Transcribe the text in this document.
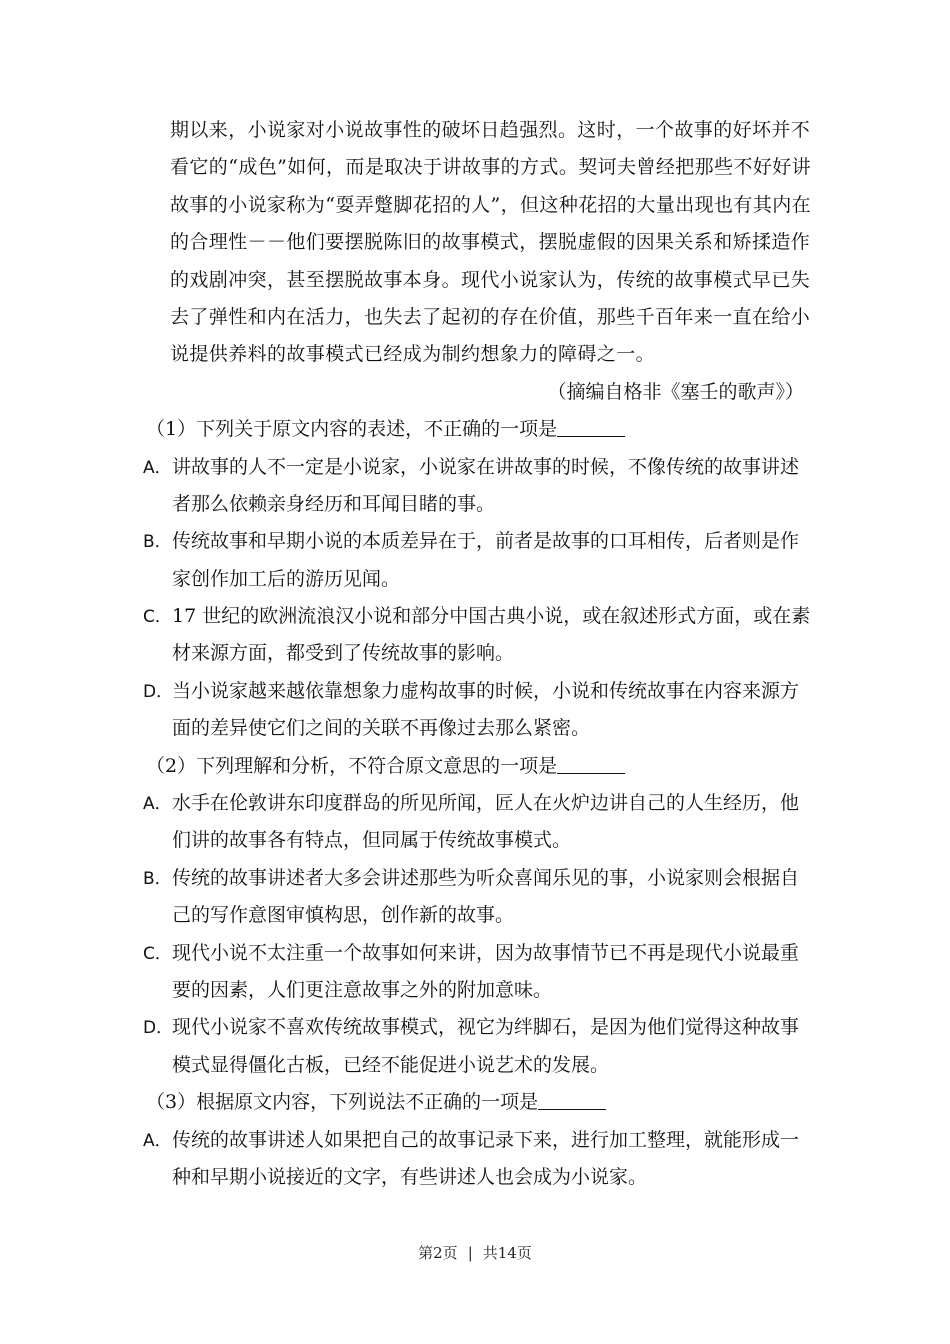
期以来，小说家对小说故事性的破坏日趋强烈。这时，一个故事的好坏并不
看它的“成色”如何，而是取决于讲故事的方式。契诃夫曾经把那些不好好讲
故事的小说家称为“耍弄蹩脚花招的人”，但这种花招的大量出现也有其内在
的合理性－－他们要摆脱陈旧的故事模式，摆脱虚假的因果关系和矫揉造作
的戏剧冲突，甚至摆脱故事本身。现代小说家认为，传统的故事模式早已失
去了弹性和内在活力，也失去了起初的存在价值，那些千百年来一直在给小
说提供养料的故事模式已经成为制约想象力的障碍之一。
（摘编自格非《塞壬的歌声》）
（1）下列关于原文内容的表述，不正确的一项是
A．讲故事的人不一定是小说家，小说家在讲故事的时候，不像传统的故事讲述
者那么依赖亲身经历和耳闻目睹的事。
B．传统故事和早期小说的本质差异在于，前者是故事的口耳相传，后者则是作
家创作加工后的游历见闻。
C．17 世纪的欧洲流浪汉小说和部分中国古典小说，或在叙述形式方面，或在素
材来源方面，都受到了传统故事的影响。
D．当小说家越来越依靠想象力虚构故事的时候，小说和传统故事在内容来源方
面的差异使它们之间的关联不再像过去那么紧密。
（2）下列理解和分析，不符合原文意思的一项是
A．水手在伦敦讲东印度群岛的所见所闻，匠人在火炉边讲自己的人生经历，他
们讲的故事各有特点，但同属于传统故事模式。
B．传统的故事讲述者大多会讲述那些为听众喜闻乐见的事，小说家则会根据自
己的写作意图审慎构思，创作新的故事。
C．现代小说不太注重一个故事如何来讲，因为故事情节已不再是现代小说最重
要的因素，人们更注意故事之外的附加意味。
D．现代小说家不喜欢传统故事模式，视它为绊脚石，是因为他们觉得这种故事
模式显得僵化古板，已经不能促进小说艺术的发展。
（3）根据原文内容，下列说法不正确的一项是
A．传统的故事讲述人如果把自己的故事记录下来，进行加工整理，就能形成一
种和早期小说接近的文字，有些讲述人也会成为小说家。
第2页 | 共14页
